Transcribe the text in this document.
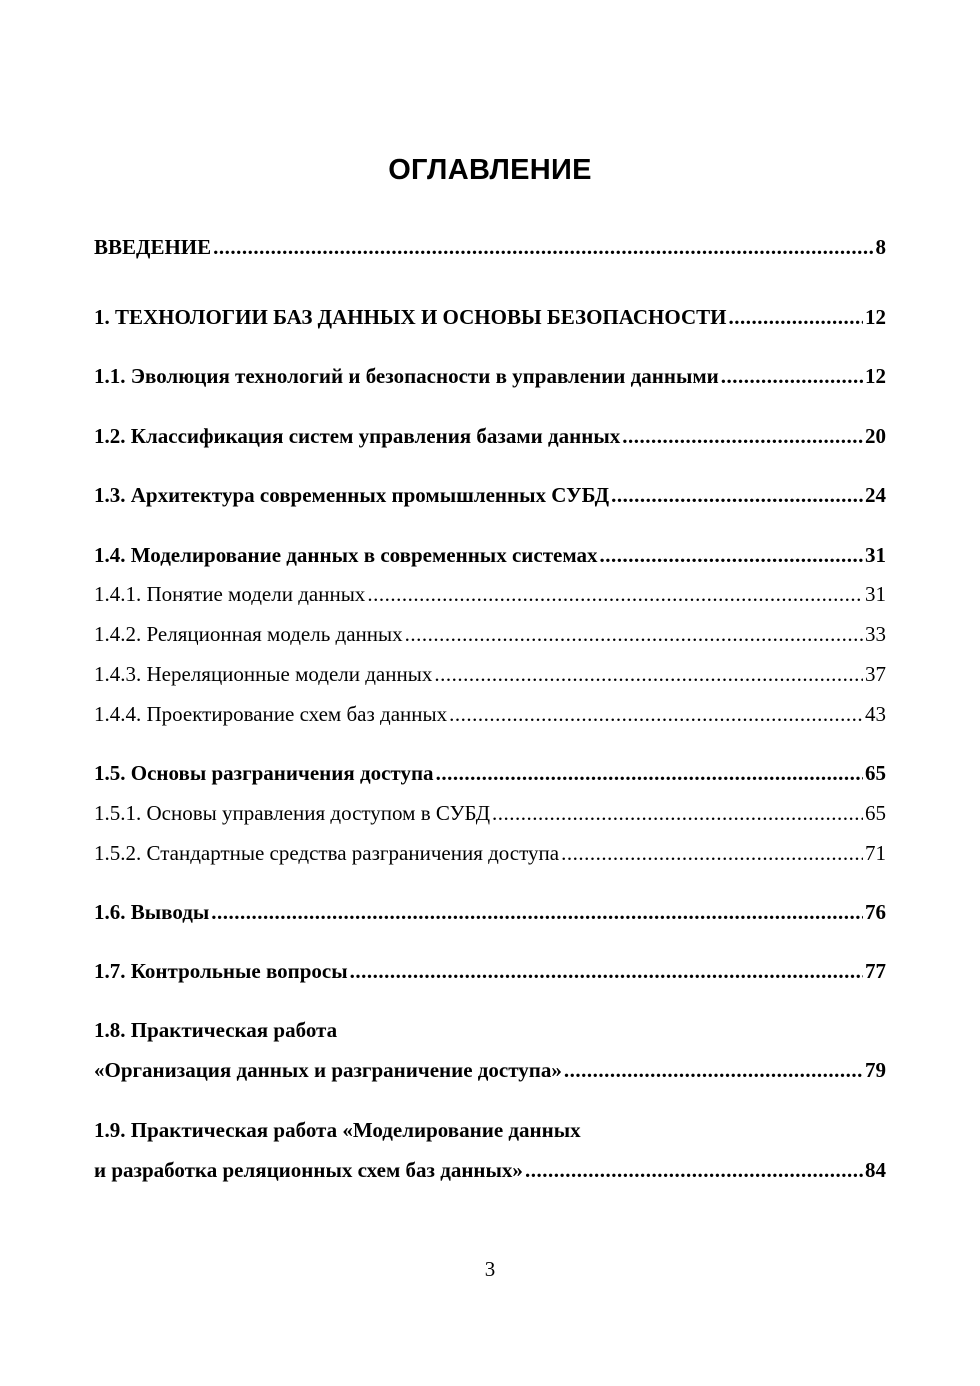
ОГЛАВЛЕНИЕ
ВВЕДЕНИЕ .....	8
1. ТЕХНОЛОГИИ БАЗ ДАННЫХ И ОСНОВЫ БЕЗОПАСНОСТИ .....	12
1.1. Эволюция технологий и безопасности в управлении данными .....	12
1.2. Классификация систем управления базами данных .....	20
1.3. Архитектура современных промышленных СУБД .....	24
1.4. Моделирование данных в современных системах .....	31
1.4.1. Понятие модели данных .....	31
1.4.2. Реляционная модель данных .....	33
1.4.3. Нереляционные модели данных .....	37
1.4.4. Проектирование схем баз данных .....	43
1.5. Основы разграничения доступа .....	65
1.5.1. Основы управления доступом в СУБД .....	65
1.5.2. Стандартные средства разграничения доступа .....	71
1.6. Выводы .....	76
1.7. Контрольные вопросы .....	77
1.8. Практическая работа
«Организация данных и разграничение доступа» .....	79
1.9. Практическая работа «Моделирование данных
и разработка реляционных схем баз данных» .....	84
3
